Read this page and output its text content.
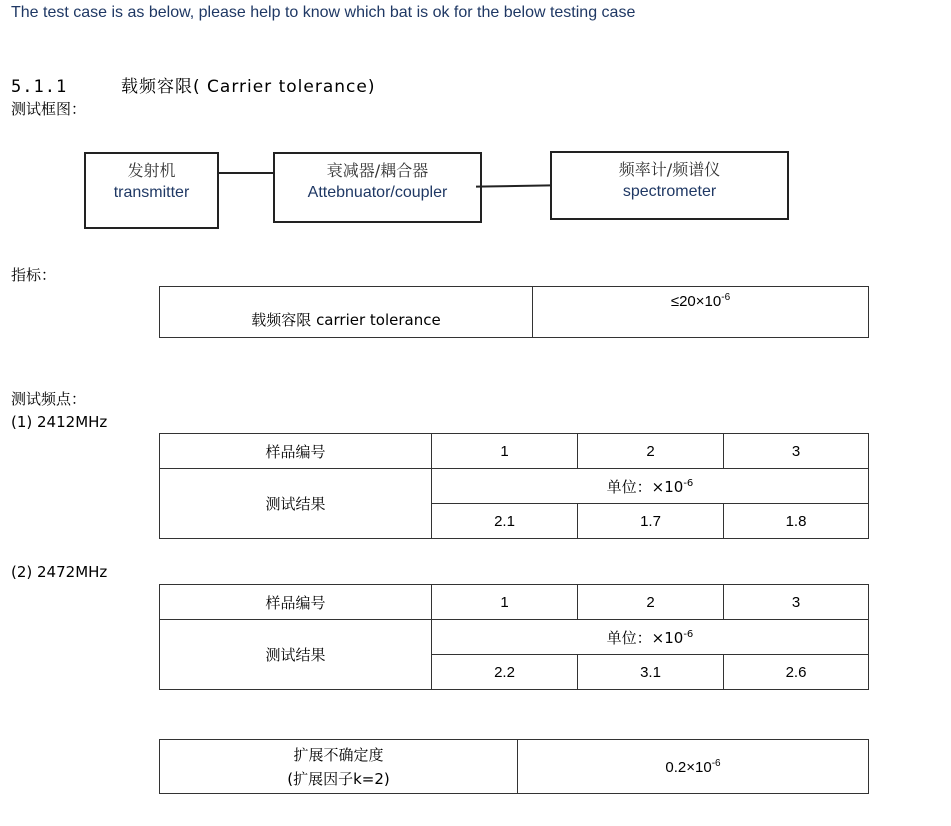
The test case is as below, please help to know which bat is ok for the below testing case
5.1.1	载频容限( Carrier tolerance)
测试框图：
发射机
transmitter
衰减器/耦合器
Attebnuator/coupler
频率计/频谱仪
spectrometer
指标：
载频容限 carrier tolerance	$\le 20\times 10^{-6}$
测试频点：
(1) 2412MHz
样品编号	1	2	3
测试结果	单位：$\times 10^{-6}$
	2.1	1.7	1.8
(2) 2472MHz
样品编号	1	2	3
测试结果	单位：$\times 10^{-6}$
	2.2	3.1	2.6
扩展不确定度
(扩展因子k=2)
	$0.2\times 10^{-6}$
